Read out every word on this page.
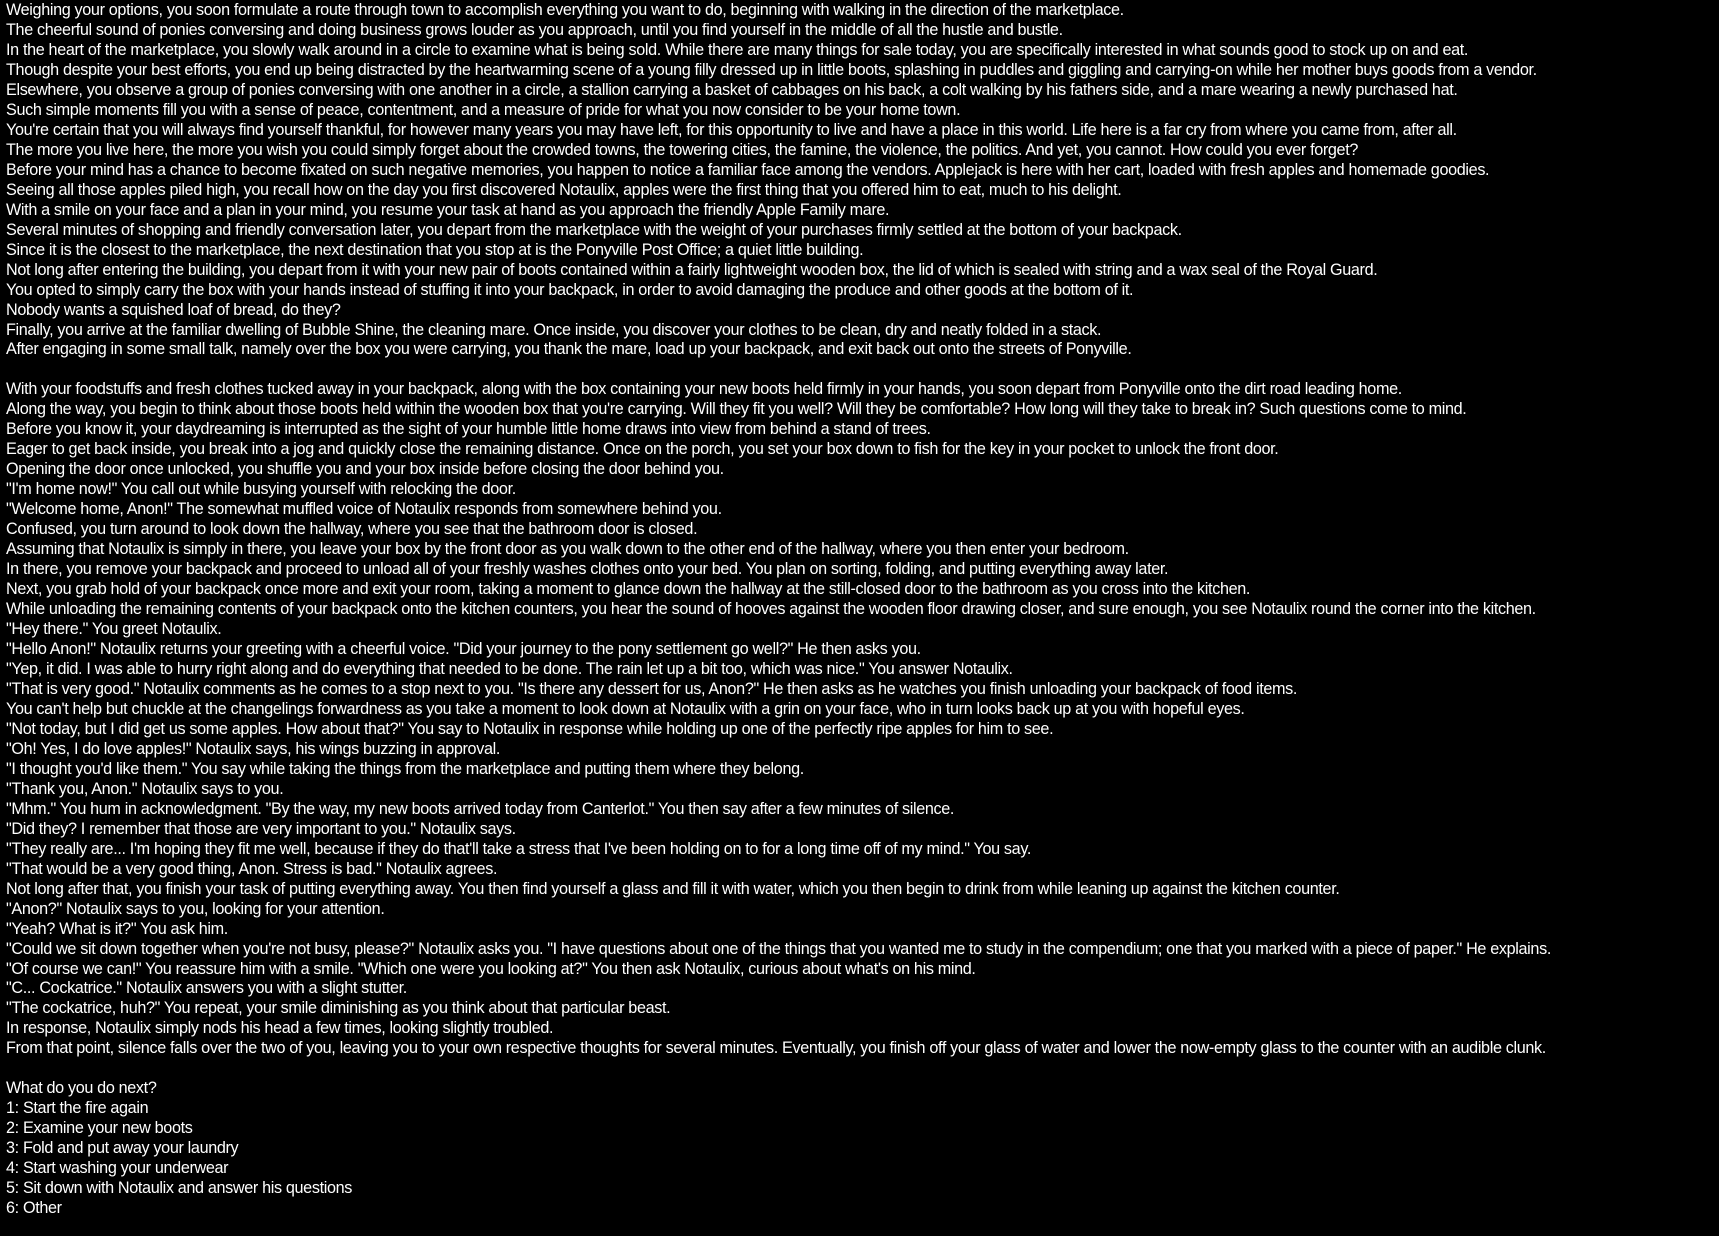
Weighing your options, you soon formulate a route through town to accomplish everything you want to do, beginning with walking in the direction of the marketplace.
The cheerful sound of ponies conversing and doing business grows louder as you approach, until you find yourself in the middle of all the hustle and bustle.
In the heart of the marketplace, you slowly walk around in a circle to examine what is being sold. While there are many things for sale today, you are specifically interested in what sounds good to stock up on and eat.
Though despite your best efforts, you end up being distracted by the heartwarming scene of a young filly dressed up in little boots, splashing in puddles and giggling and carrying-on while her mother buys goods from a vendor.
Elsewhere, you observe a group of ponies conversing with one another in a circle, a stallion carrying a basket of cabbages on his back, a colt walking by his fathers side, and a mare wearing a newly purchased hat.
Such simple moments fill you with a sense of peace, contentment, and a measure of pride for what you now consider to be your home town.
You're certain that you will always find yourself thankful, for however many years you may have left, for this opportunity to live and have a place in this world. Life here is a far cry from where you came from, after all.
The more you live here, the more you wish you could simply forget about the crowded towns, the towering cities, the famine, the violence, the politics. And yet, you cannot. How could you ever forget?
Before your mind has a chance to become fixated on such negative memories, you happen to notice a familiar face among the vendors. Applejack is here with her cart, loaded with fresh apples and homemade goodies.
Seeing all those apples piled high, you recall how on the day you first discovered Notaulix, apples were the first thing that you offered him to eat, much to his delight.
With a smile on your face and a plan in your mind, you resume your task at hand as you approach the friendly Apple Family mare.
Several minutes of shopping and friendly conversation later, you depart from the marketplace with the weight of your purchases firmly settled at the bottom of your backpack.
Since it is the closest to the marketplace, the next destination that you stop at is the Ponyville Post Office; a quiet little building.
Not long after entering the building, you depart from it with your new pair of boots contained within a fairly lightweight wooden box, the lid of which is sealed with string and a wax seal of the Royal Guard.
You opted to simply carry the box with your hands instead of stuffing it into your backpack, in order to avoid damaging the produce and other goods at the bottom of it.
Nobody wants a squished loaf of bread, do they?
Finally, you arrive at the familiar dwelling of Bubble Shine, the cleaning mare. Once inside, you discover your clothes to be clean, dry and neatly folded in a stack.
After engaging in some small talk, namely over the box you were carrying, you thank the mare, load up your backpack, and exit back out onto the streets of Ponyville.
With your foodstuffs and fresh clothes tucked away in your backpack, along with the box containing your new boots held firmly in your hands, you soon depart from Ponyville onto the dirt road leading home.
Along the way, you begin to think about those boots held within the wooden box that you're carrying. Will they fit you well? Will they be comfortable? How long will they take to break in? Such questions come to mind.
Before you know it, your daydreaming is interrupted as the sight of your humble little home draws into view from behind a stand of trees.
Eager to get back inside, you break into a jog and quickly close the remaining distance. Once on the porch, you set your box down to fish for the key in your pocket to unlock the front door.
Opening the door once unlocked, you shuffle you and your box inside before closing the door behind you.
"I'm home now!" You call out while busying yourself with relocking the door.
"Welcome home, Anon!" The somewhat muffled voice of Notaulix responds from somewhere behind you.
Confused, you turn around to look down the hallway, where you see that the bathroom door is closed.
Assuming that Notaulix is simply in there, you leave your box by the front door as you walk down to the other end of the hallway, where you then enter your bedroom.
In there, you remove your backpack and proceed to unload all of your freshly washes clothes onto your bed. You plan on sorting, folding, and putting everything away later.
Next, you grab hold of your backpack once more and exit your room, taking a moment to glance down the hallway at the still-closed door to the bathroom as you cross into the kitchen.
While unloading the remaining contents of your backpack onto the kitchen counters, you hear the sound of hooves against the wooden floor drawing closer, and sure enough, you see Notaulix round the corner into the kitchen.
"Hey there." You greet Notaulix.
"Hello Anon!" Notaulix returns your greeting with a cheerful voice. "Did your journey to the pony settlement go well?" He then asks you.
"Yep, it did. I was able to hurry right along and do everything that needed to be done. The rain let up a bit too, which was nice." You answer Notaulix.
"That is very good." Notaulix comments as he comes to a stop next to you. "Is there any dessert for us, Anon?" He then asks as he watches you finish unloading your backpack of food items.
You can't help but chuckle at the changelings forwardness as you take a moment to look down at Notaulix with a grin on your face, who in turn looks back up at you with hopeful eyes.
"Not today, but I did get us some apples. How about that?" You say to Notaulix in response while holding up one of the perfectly ripe apples for him to see.
"Oh! Yes, I do love apples!" Notaulix says, his wings buzzing in approval.
"I thought you'd like them." You say while taking the things from the marketplace and putting them where they belong.
"Thank you, Anon." Notaulix says to you.
"Mhm." You hum in acknowledgment. "By the way, my new boots arrived today from Canterlot." You then say after a few minutes of silence.
"Did they? I remember that those are very important to you." Notaulix says.
"They really are... I'm hoping they fit me well, because if they do that'll take a stress that I've been holding on to for a long time off of my mind." You say.
"That would be a very good thing, Anon. Stress is bad." Notaulix agrees.
Not long after that, you finish your task of putting everything away. You then find yourself a glass and fill it with water, which you then begin to drink from while leaning up against the kitchen counter.
"Anon?" Notaulix says to you, looking for your attention.
"Yeah? What is it?" You ask him.
"Could we sit down together when you're not busy, please?" Notaulix asks you. "I have questions about one of the things that you wanted me to study in the compendium; one that you marked with a piece of paper." He explains.
"Of course we can!" You reassure him with a smile. "Which one were you looking at?" You then ask Notaulix, curious about what's on his mind.
"C... Cockatrice." Notaulix answers you with a slight stutter.
"The cockatrice, huh?" You repeat, your smile diminishing as you think about that particular beast.
In response, Notaulix simply nods his head a few times, looking slightly troubled.
From that point, silence falls over the two of you, leaving you to your own respective thoughts for several minutes. Eventually, you finish off your glass of water and lower the now-empty glass to the counter with an audible clunk.
What do you do next?
1: Start the fire again
2: Examine your new boots
3: Fold and put away your laundry
4: Start washing your underwear
5: Sit down with Notaulix and answer his questions
6: Other
